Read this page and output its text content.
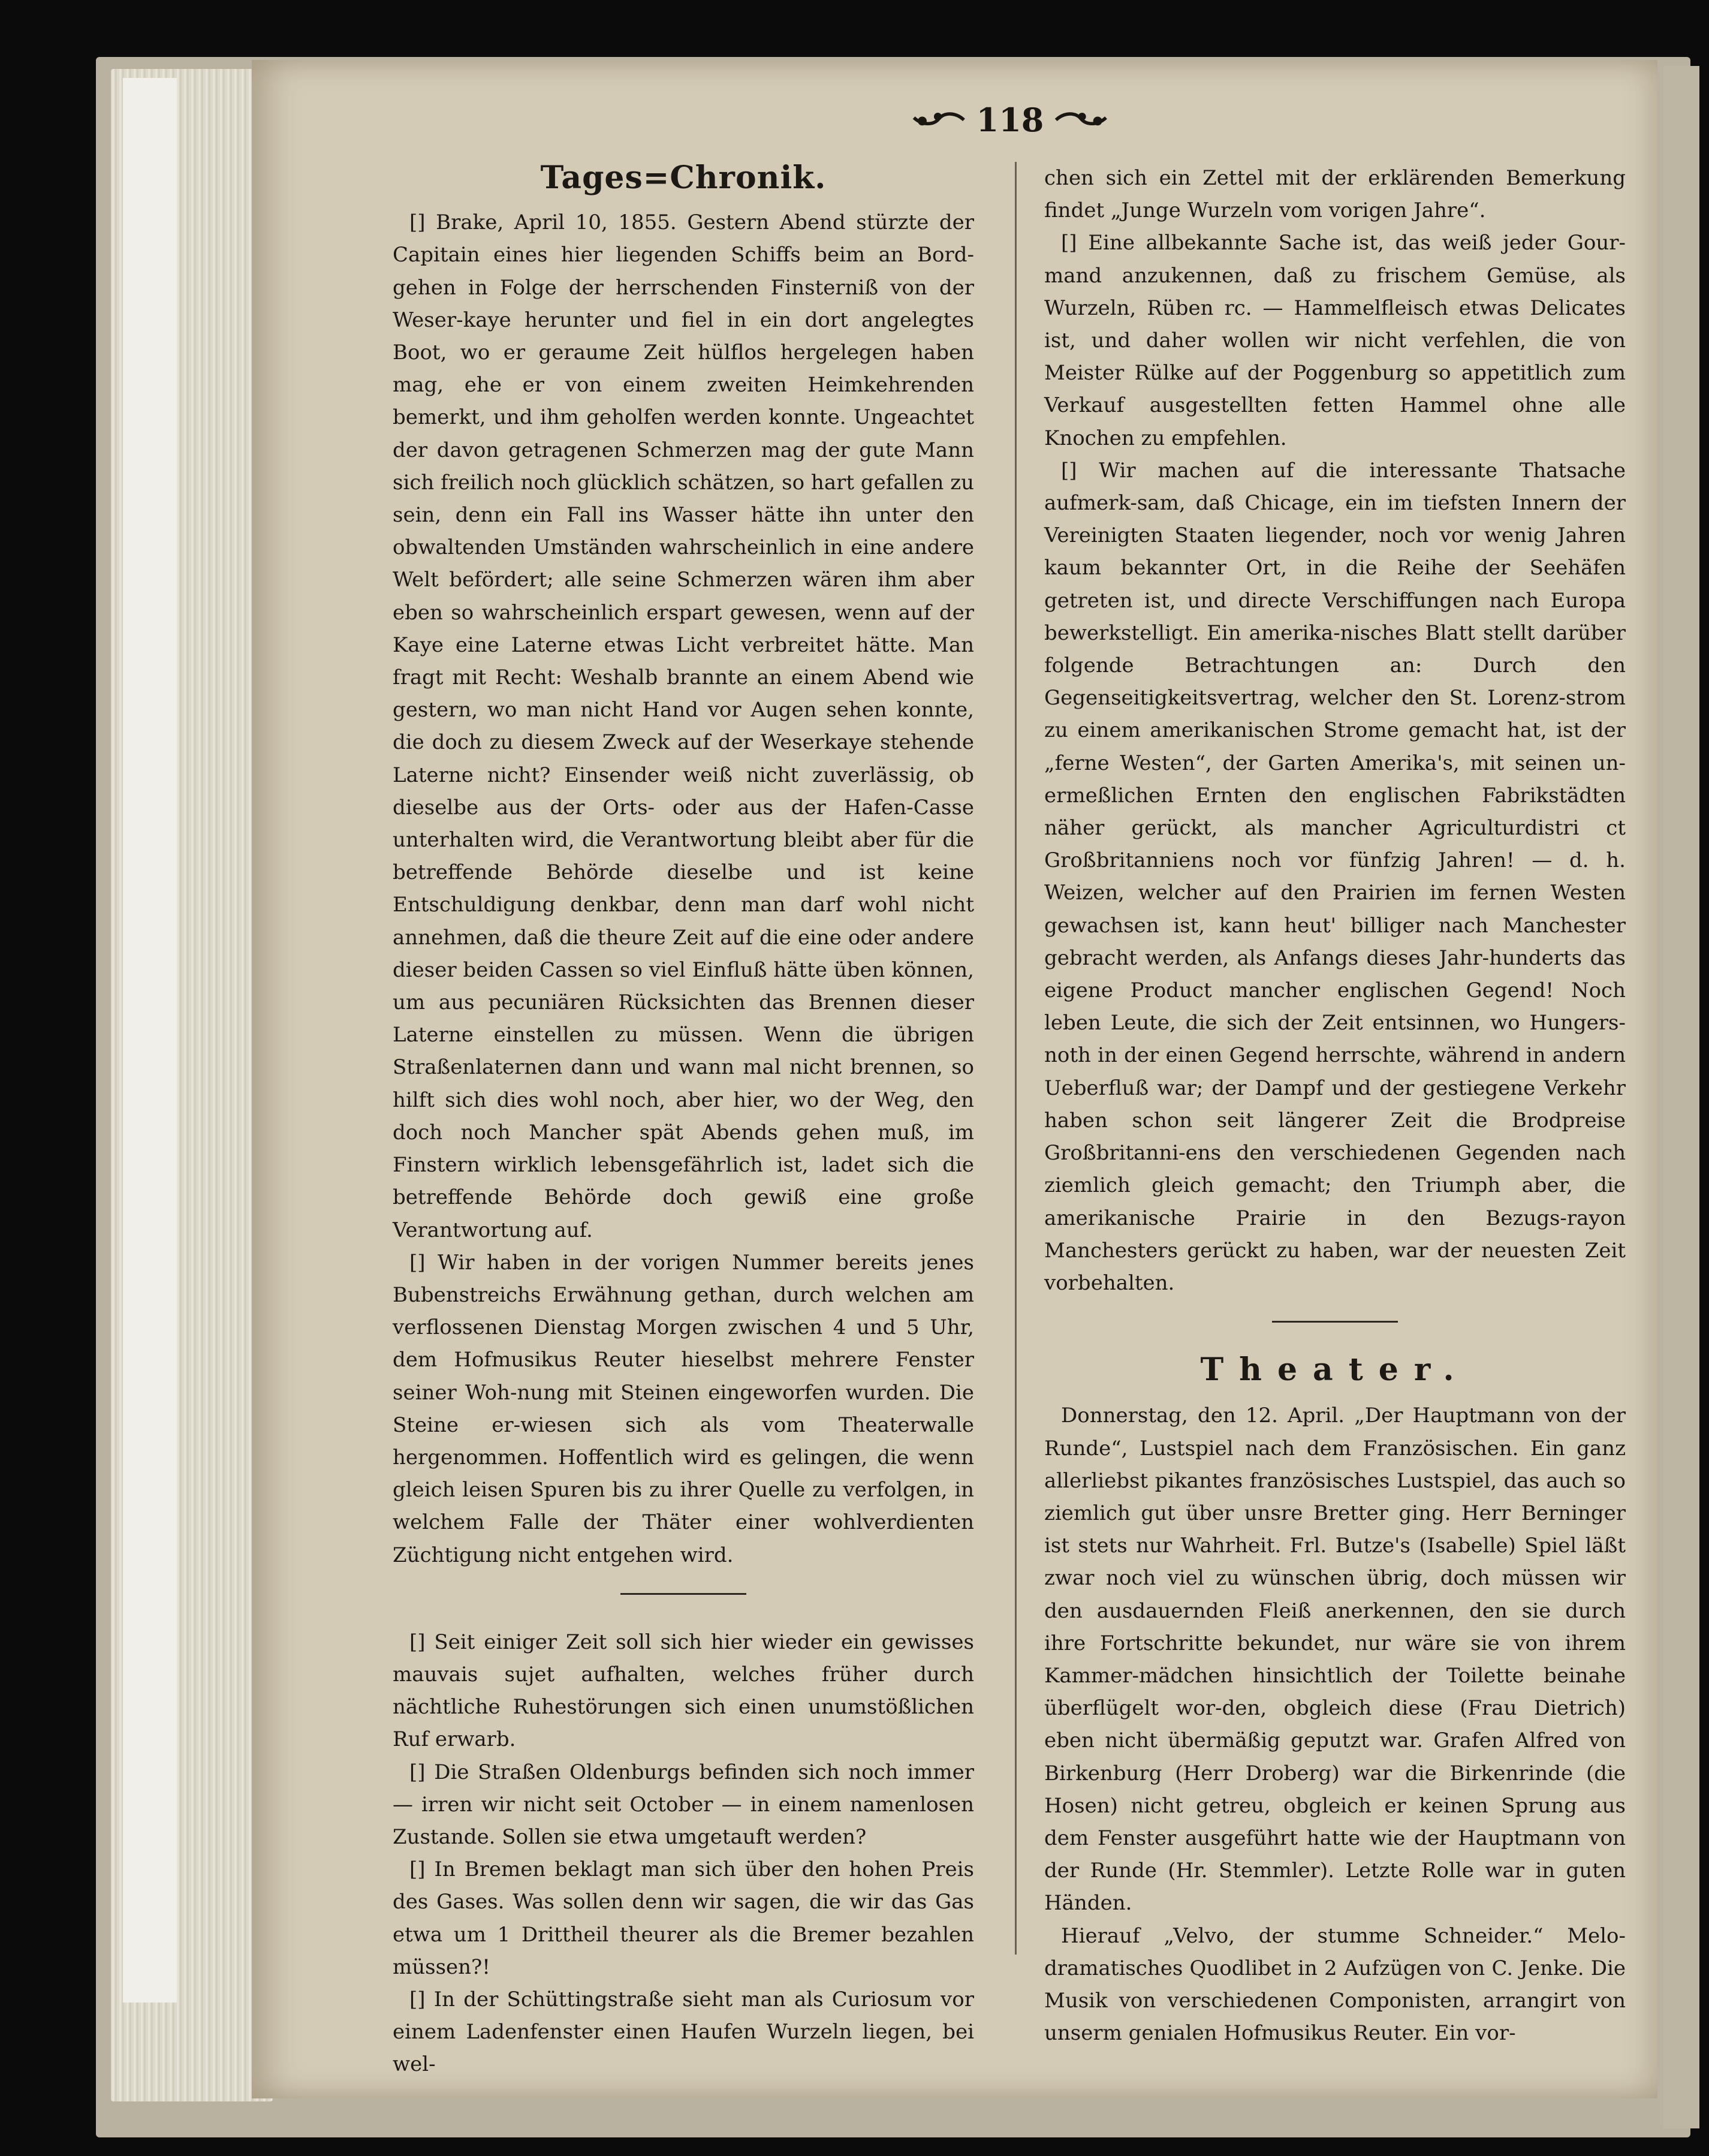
118
Tages=Chronik.

[] Brake, April 10, 1855. Gestern Abend stürzte der Capitain eines hier liegenden Schiffs beim an Bord-gehen in Folge der herrschenden Finsterniß von der Weser-kaye herunter und fiel in ein dort angelegtes Boot, wo er geraume Zeit hülflos hergelegen haben mag, ehe er von einem zweiten Heimkehrenden bemerkt, und ihm geholfen werden konnte. Ungeachtet der davon getragenen Schmerzen mag der gute Mann sich freilich noch glücklich schätzen, so hart gefallen zu sein, denn ein Fall ins Wasser hätte ihn unter den obwaltenden Umständen wahrscheinlich in eine andere Welt befördert; alle seine Schmerzen wären ihm aber eben so wahrscheinlich erspart gewesen, wenn auf der Kaye eine Laterne etwas Licht verbreitet hätte. Man fragt mit Recht: Weshalb brannte an einem Abend wie gestern, wo man nicht Hand vor Augen sehen konnte, die doch zu diesem Zweck auf der Weserkaye stehende Laterne nicht? Einsender weiß nicht zuverlässig, ob dieselbe aus der Orts- oder aus der Hafen-Casse unterhalten wird, die Verantwortung bleibt aber für die betreffende Behörde dieselbe und ist keine Entschuldigung denkbar, denn man darf wohl nicht annehmen, daß die theure Zeit auf die eine oder andere dieser beiden Cassen so viel Einfluß hätte üben können, um aus pecuniären Rücksichten das Brennen dieser Laterne einstellen zu müssen. Wenn die übrigen Straßenlaternen dann und wann mal nicht brennen, so hilft sich dies wohl noch, aber hier, wo der Weg, den doch noch Mancher spät Abends gehen muß, im Finstern wirklich lebensgefährlich ist, ladet sich die betreffende Behörde doch gewiß eine große Verantwortung auf.

[] Wir haben in der vorigen Nummer bereits jenes Bubenstreichs Erwähnung gethan, durch welchen am verflossenen Dienstag Morgen zwischen 4 und 5 Uhr, dem Hofmusikus Reuter hieselbst mehrere Fenster seiner Woh-nung mit Steinen eingeworfen wurden. Die Steine er-wiesen sich als vom Theaterwalle hergenommen. Hoffentlich wird es gelingen, die wenn gleich leisen Spuren bis zu ihrer Quelle zu verfolgen, in welchem Falle der Thäter einer wohlverdienten Züchtigung nicht entgehen wird.

[] Seit einiger Zeit soll sich hier wieder ein gewisses mauvais sujet aufhalten, welches früher durch nächtliche Ruhestörungen sich einen unumstößlichen Ruf erwarb.

[] Die Straßen Oldenburgs befinden sich noch immer — irren wir nicht seit October — in einem namenlosen Zustande. Sollen sie etwa umgetauft werden?

[] In Bremen beklagt man sich über den hohen Preis des Gases. Was sollen denn wir sagen, die wir das Gas etwa um 1 Drittheil theurer als die Bremer bezahlen müssen?!

[] In der Schüttingstraße sieht man als Curiosum vor einem Ladenfenster einen Haufen Wurzeln liegen, bei wel-

chen sich ein Zettel mit der erklärenden Bemerkung findet „Junge Wurzeln vom vorigen Jahre“.

[] Eine allbekannte Sache ist, das weiß jeder Gour-mand anzukennen, daß zu frischem Gemüse, als Wurzeln, Rüben rc. — Hammelfleisch etwas Delicates ist, und daher wollen wir nicht verfehlen, die von Meister Rülke auf der Poggenburg so appetitlich zum Verkauf ausgestellten fetten Hammel ohne alle Knochen zu empfehlen.

[] Wir machen auf die interessante Thatsache aufmerk-sam, daß Chicage, ein im tiefsten Innern der Vereinigten Staaten liegender, noch vor wenig Jahren kaum bekannter Ort, in die Reihe der Seehäfen getreten ist, und directe Verschiffungen nach Europa bewerkstelligt. Ein amerika-nisches Blatt stellt darüber folgende Betrachtungen an: Durch den Gegenseitigkeitsvertrag, welcher den St. Lorenz-strom zu einem amerikanischen Strome gemacht hat, ist der „ferne Westen“, der Garten Amerika's, mit seinen un-ermeßlichen Ernten den englischen Fabrikstädten näher gerückt, als mancher Agriculturdistri ct Großbritanniens noch vor fünfzig Jahren! — d. h. Weizen, welcher auf den Prairien im fernen Westen gewachsen ist, kann heut' billiger nach Manchester gebracht werden, als Anfangs dieses Jahr-hunderts das eigene Product mancher englischen Gegend! Noch leben Leute, die sich der Zeit entsinnen, wo Hungers-noth in der einen Gegend herrschte, während in andern Ueberfluß war; der Dampf und der gestiegene Verkehr haben schon seit längerer Zeit die Brodpreise Großbritanni-ens den verschiedenen Gegenden nach ziemlich gleich gemacht; den Triumph aber, die amerikanische Prairie in den Bezugs-rayon Manchesters gerückt zu haben, war der neuesten Zeit vorbehalten.

Theater.

Donnerstag, den 12. April. „Der Hauptmann von der Runde“, Lustspiel nach dem Französischen. Ein ganz allerliebst pikantes französisches Lustspiel, das auch so ziemlich gut über unsre Bretter ging. Herr Berninger ist stets nur Wahrheit. Frl. Butze's (Isabelle) Spiel läßt zwar noch viel zu wünschen übrig, doch müssen wir den ausdauernden Fleiß anerkennen, den sie durch ihre Fortschritte bekundet, nur wäre sie von ihrem Kammer-mädchen hinsichtlich der Toilette beinahe überflügelt wor-den, obgleich diese (Frau Dietrich) eben nicht übermäßig geputzt war. Grafen Alfred von Birkenburg (Herr Droberg) war die Birkenrinde (die Hosen) nicht getreu, obgleich er keinen Sprung aus dem Fenster ausgeführt hatte wie der Hauptmann von der Runde (Hr. Stemmler). Letzte Rolle war in guten Händen.

Hierauf „Velvo, der stumme Schneider.“ Melo-dramatisches Quodlibet in 2 Aufzügen von C. Jenke. Die Musik von verschiedenen Componisten, arrangirt von unserm genialen Hofmusikus Reuter. Ein vor-
